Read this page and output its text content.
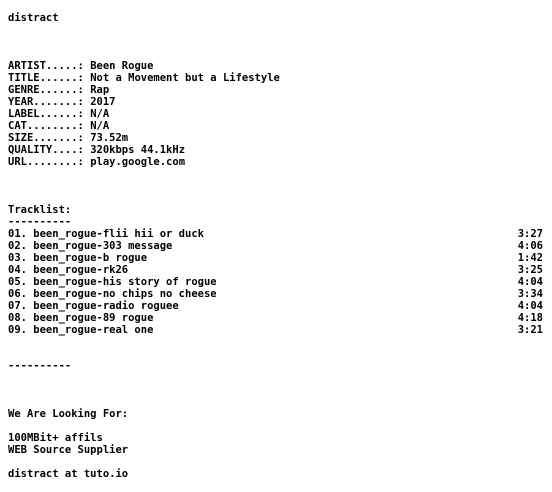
distract
ARTIST.....: Been Rogue
TITLE......: Not a Movement but a Lifestyle
GENRE......: Rap
YEAR.......: 2017
LABEL......: N/A
CAT........: N/A
SIZE.......: 73.52m
QUALITY....: 320kbps 44.1kHz
URL........: play.google.com
Tracklist:
----------
01. been_rogue-flii hii or duck	3:27
02. been_rogue-303 message	4:06
03. been_rogue-b rogue	1:42
04. been_rogue-rk26	3:25
05. been_rogue-his story of rogue	4:04
06. been_rogue-no chips no cheese	3:34
07. been_rogue-radio roguee	4:04
08. been_rogue-89 rogue	4:18
09. been_rogue-real one	3:21
----------
We Are Looking For:
100MBit+ affils
WEB Source Supplier
distract at tuto.io
